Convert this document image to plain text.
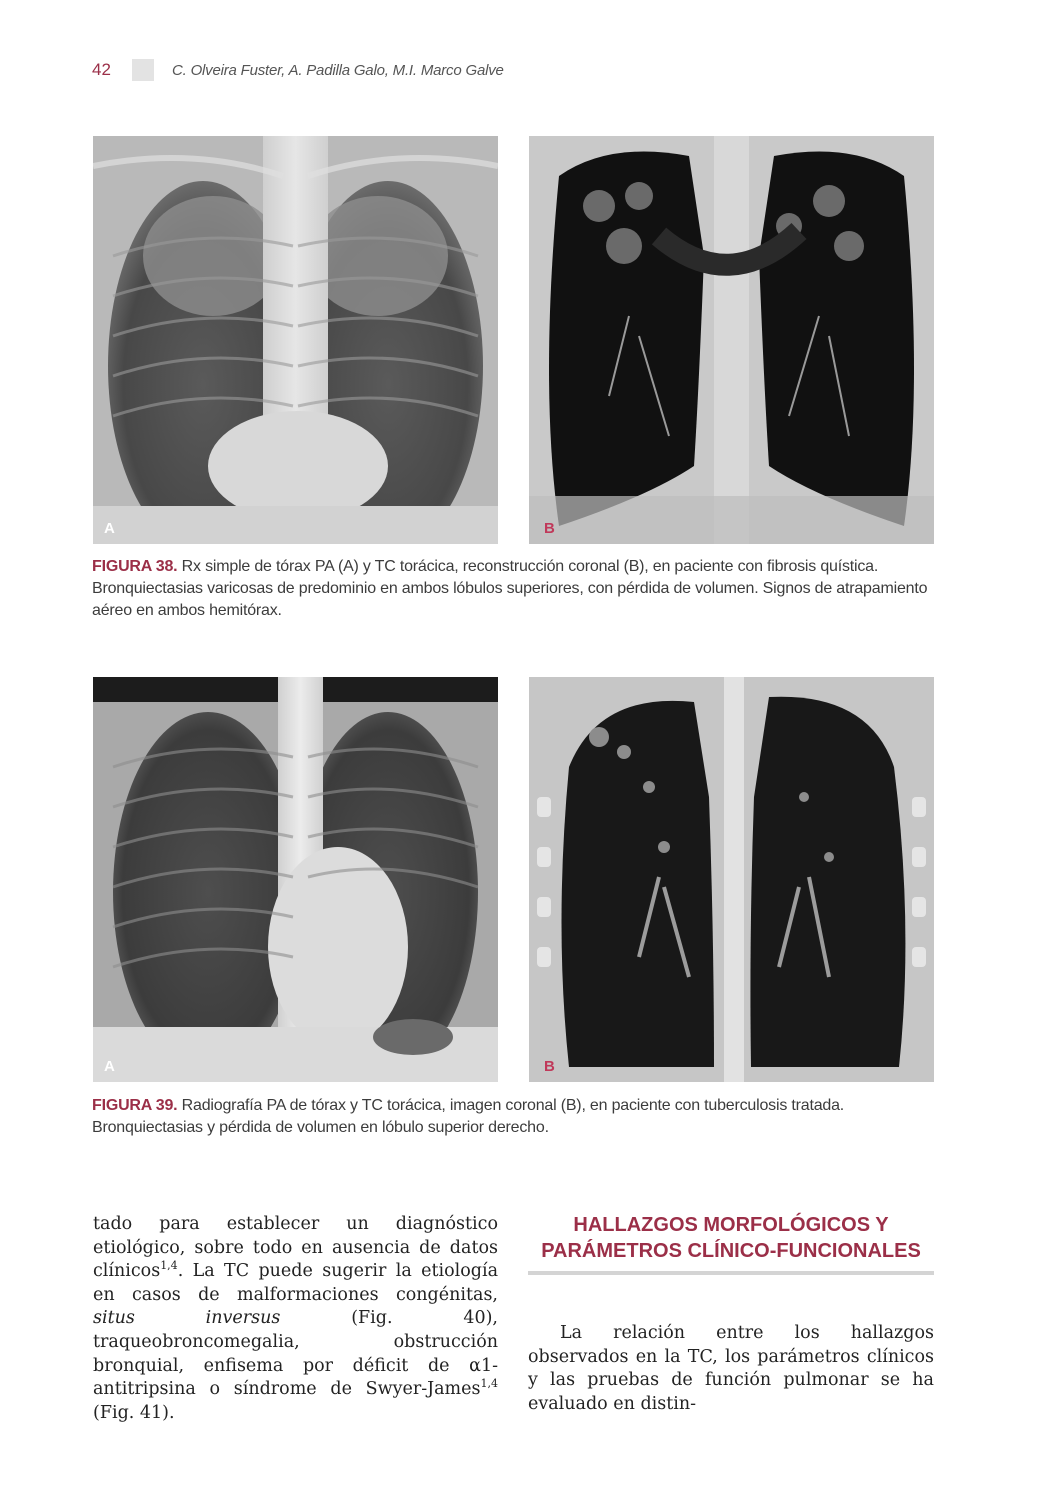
42	C. Olveira Fuster, A. Padilla Galo, M.I. Marco Galve
A	B
FIGURA 38. Rx simple de tórax PA (A) y TC torácica, reconstrucción coronal (B), en paciente con fibrosis quística. Bronquiectasias varicosas de predominio en ambos lóbulos superiores, con pérdida de volumen. Signos de atrapamiento aéreo en ambos hemitórax.
A	B
FIGURA 39. Radiografía PA de tórax y TC torácica, imagen coronal (B), en paciente con tuberculosis tratada. Bronquiectasias y pérdida de volumen en lóbulo superior derecho.

tado para establecer un diagnóstico etiológico, sobre todo en ausencia de datos clínicos$^{1,4}$. La TC puede sugerir la etiología en casos de malformaciones congénitas, situs inversus (Fig. 40), traqueobroncomegalia, obstrucción bronquial, enfisema por déficit de α1-antitripsina o síndrome de Swyer-James$^{1,4}$ (Fig. 41).

HALLAZGOS MORFOLÓGICOS Y
PARÁMETROS CLÍNICO-FUNCIONALES

La relación entre los hallazgos observados en la TC, los parámetros clínicos y las pruebas de función pulmonar se ha evaluado en distin-
